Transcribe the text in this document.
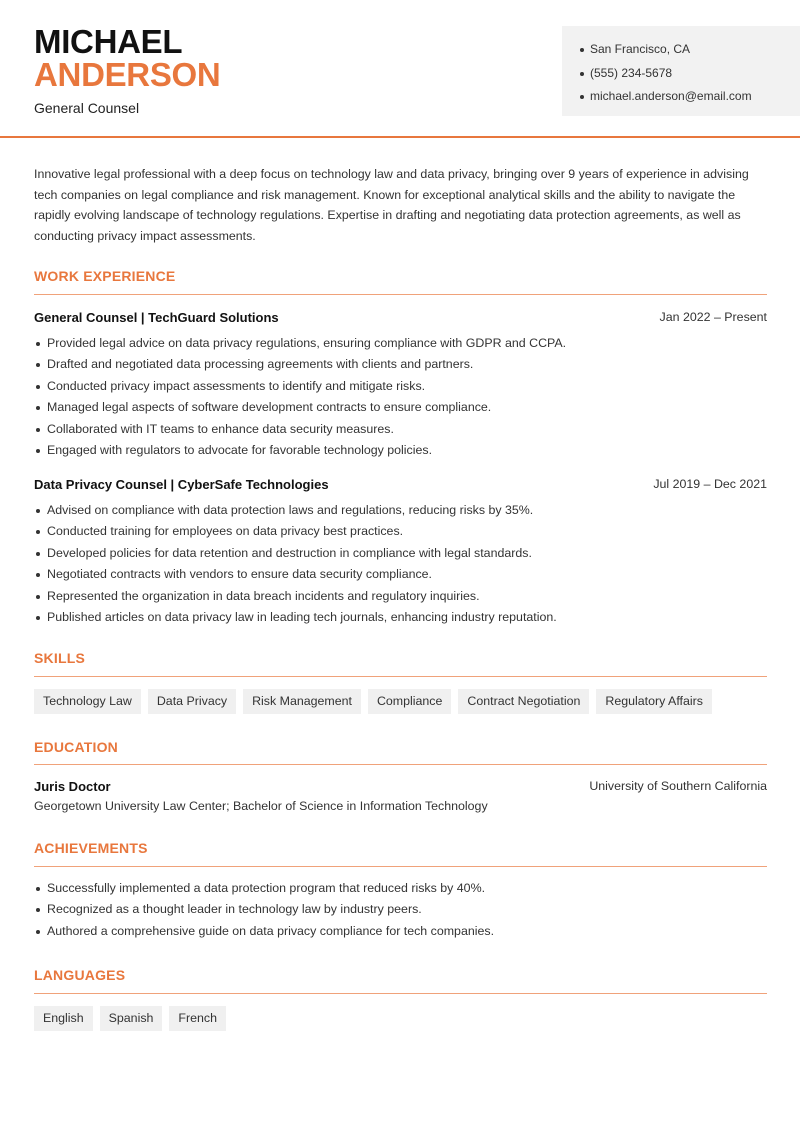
MICHAEL
ANDERSON
General Counsel
San Francisco, CA
(555) 234-5678
michael.anderson@email.com

Innovative legal professional with a deep focus on technology law and data privacy, bringing over 9 years of experience in advising tech companies on legal compliance and risk management. Known for exceptional analytical skills and the ability to navigate the rapidly evolving landscape of technology regulations. Expertise in drafting and negotiating data protection agreements, as well as conducting privacy impact assessments.

WORK EXPERIENCE
General Counsel | TechGuard Solutions	Jan 2022 – Present
Provided legal advice on data privacy regulations, ensuring compliance with GDPR and CCPA.
Drafted and negotiated data processing agreements with clients and partners.
Conducted privacy impact assessments to identify and mitigate risks.
Managed legal aspects of software development contracts to ensure compliance.
Collaborated with IT teams to enhance data security measures.
Engaged with regulators to advocate for favorable technology policies.
Data Privacy Counsel | CyberSafe Technologies	Jul 2019 – Dec 2021
Advised on compliance with data protection laws and regulations, reducing risks by 35%.
Conducted training for employees on data privacy best practices.
Developed policies for data retention and destruction in compliance with legal standards.
Negotiated contracts with vendors to ensure data security compliance.
Represented the organization in data breach incidents and regulatory inquiries.
Published articles on data privacy law in leading tech journals, enhancing industry reputation.
SKILLS
Technology Law	Data Privacy	Risk Management	Compliance	Contract Negotiation	Regulatory Affairs
EDUCATION
Juris Doctor	University of Southern California
Georgetown University Law Center; Bachelor of Science in Information Technology
ACHIEVEMENTS
Successfully implemented a data protection program that reduced risks by 40%.
Recognized as a thought leader in technology law by industry peers.
Authored a comprehensive guide on data privacy compliance for tech companies.
LANGUAGES
English	Spanish	French
